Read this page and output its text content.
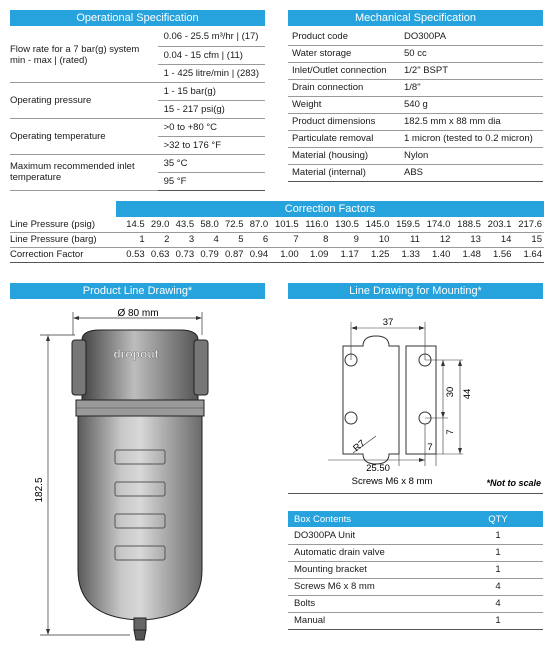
Operational Specification
Flow rate for a 7 bar(g) system min - max | (rated)	0.06 - 25.5 m³/hr | (17)
	0.04 - 15 cfm | (11)
	1 - 425 litre/min | (283)
Operating pressure	1 - 15 bar(g)
	15 - 217 psi(g)
Operating temperature	>0 to +80 °C
	>32 to 176 °F
Maximum recommended inlet temperature	35 °C
	95 °F
Mechanical Specification
Product code	DO300PA
Water storage	50 cc
Inlet/Outlet connection	1/2" BSPT
Drain connection	1/8"
Weight	540 g
Product dimensions	182.5 mm x 88 mm dia
Particulate removal	1 micron (tested to 0.2 micron)
Material (housing)	Nylon
Material (internal)	ABS
Correction Factors
Line Pressure (psig)	14.5	29.0	43.5	58.0	72.5	87.0	101.5	116.0	130.5	145.0	159.5	174.0	188.5	203.1	217.6
Line Pressure (barg)	1	2	3	4	5	6	7	8	9	10	11	12	13	14	15
Correction Factor	0.53	0.63	0.73	0.79	0.87	0.94	1.00	1.09	1.17	1.25	1.33	1.40	1.48	1.56	1.64
Product Line Drawing*
Ø 80 mm
182.5
dropout
Line Drawing for Mounting*
37
30 44
7
25.50
7
R7
Screws M6 x 8 mm	*Not to scale
Box Contents	QTY
DO300PA Unit	1
Automatic drain valve	1
Mounting bracket	1
Screws M6 x 8 mm	4
Bolts	4
Manual	1
